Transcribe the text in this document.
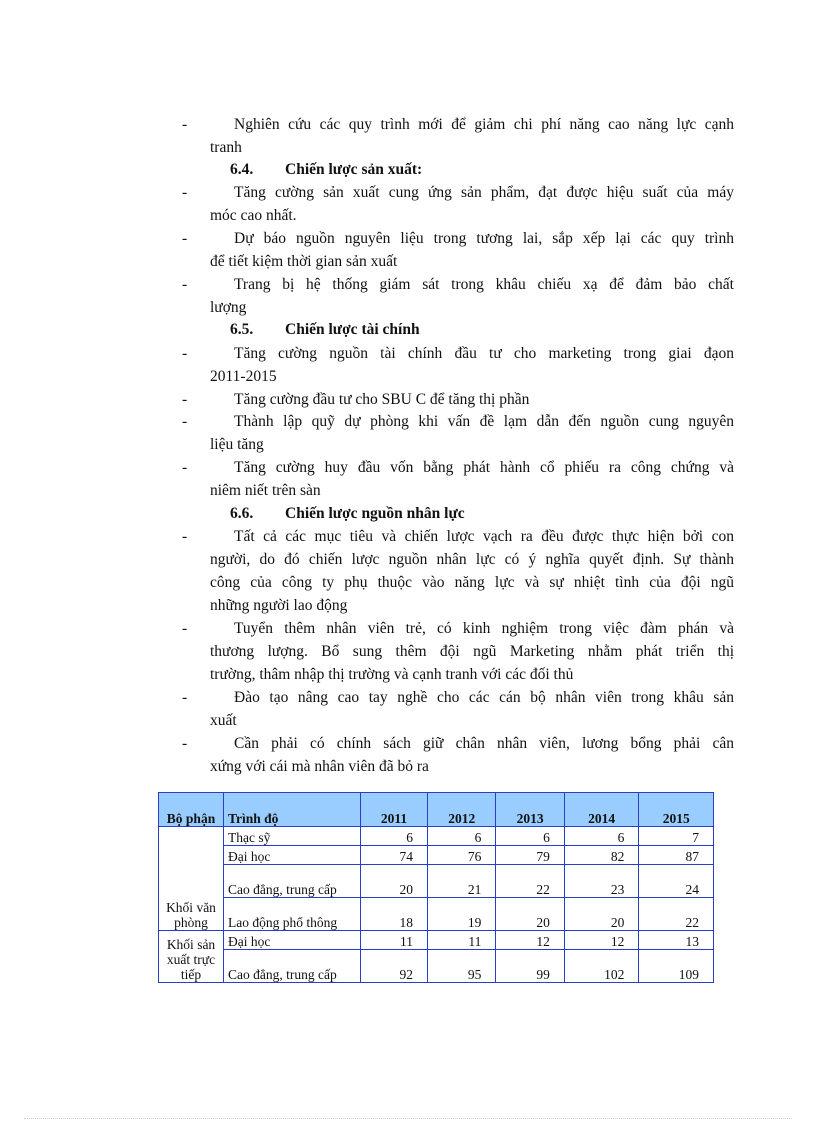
-	Nghiên cứu các quy trình mới để giảm chi phí năng cao năng lực cạnh
tranh
6.4. Chiến lược sản xuất:
-	Tăng cường sản xuất cung ứng sản phẩm, đạt được hiệu suất của máy
móc cao nhất.
-	Dự báo nguồn nguyên liệu trong tương lai, sắp xếp lại các quy trình
để tiết kiệm thời gian sản xuất
-	Trang bị hệ thống giám sát trong khâu chiếu xạ để đảm bảo chất
lượng
6.5. Chiến lược tài chính
-	Tăng cường nguồn tài chính đầu tư cho marketing trong giai đạon
2011-2015
-	Tăng cường đầu tư cho SBU C để tăng thị phần
-	Thành lập quỹ dự phòng khi vấn đề lạm dẫn đến nguồn cung nguyên
liệu tăng
-	Tăng cường huy đầu vốn bằng phát hành cổ phiếu ra công chứng và
niêm niết trên sàn
6.6. Chiến lược nguồn nhân lực
-	Tất cả các mục tiêu và chiến lược vạch ra đều được thực hiện bởi con
người, do đó chiến lược nguồn nhân lực có ý nghĩa quyết định. Sự thành
công của công ty phụ thuộc vào năng lực và sự nhiệt tình của đội ngũ
những người lao động
-	Tuyển thêm nhân viên trẻ, có kinh nghiệm trong việc đàm phán và
thương lượng. Bổ sung thêm đội ngũ Marketing nhằm phát triển thị
trường, thâm nhập thị trường và cạnh tranh với các đối thủ
-	Đào tạo nâng cao tay nghề cho các cán bộ nhân viên trong khâu sản
xuất
-	Cần phải có chính sách giữ chân nhân viên, lương bổng phải cân
xứng với cái mà nhân viên đã bỏ ra
Bộ phận	Trình độ	2011	2012	2013	2014	2015
Khối văn phòng	Thạc sỹ	6	6	6	6	7
	Đại học	74	76	79	82	87
	Cao đẳng, trung cấp	20	21	22	23	24
	Lao động phổ thông	18	19	20	20	22
Khối sản xuất trực tiếp	Đại học	11	11	12	12	13
	Cao đẳng, trung cấp	92	95	99	102	109
